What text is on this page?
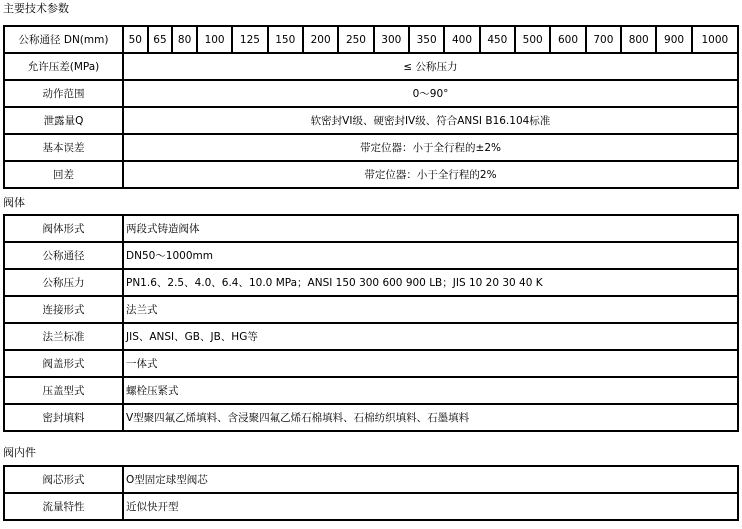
主要技术参数
公称通径 DN(mm)	50	65	80	100	125	150	200	250	300	350	400	450	500	600	700	800	900	1000
允许压差(MPa)	≤ 公称压力																	
动作范围	0～90°																	
泄露量Q	软密封VI级、硬密封IV级、符合ANSI B16.104标准																	
基本误差	带定位器：小于全行程的±2%																	
回差	带定位器：小于全行程的2%																	
阀体
阀体形式	两段式铸造阀体
公称通径	DN50～1000mm
公称压力	PN1.6、2.5、4.0、6.4、10.0 MPa；ANSI 150 300 600 900 LB；JIS 10 20 30 40 K
连接形式	法兰式
法兰标准	JIS、ANSI、GB、JB、HG等
阀盖形式	一体式
压盖型式	螺栓压紧式
密封填料	V型聚四氟乙烯填料、含浸聚四氟乙烯石棉填料、石棉纺织填料、石墨填料
阀内件
阀芯形式	O型固定球型阀芯
流量特性	近似快开型
